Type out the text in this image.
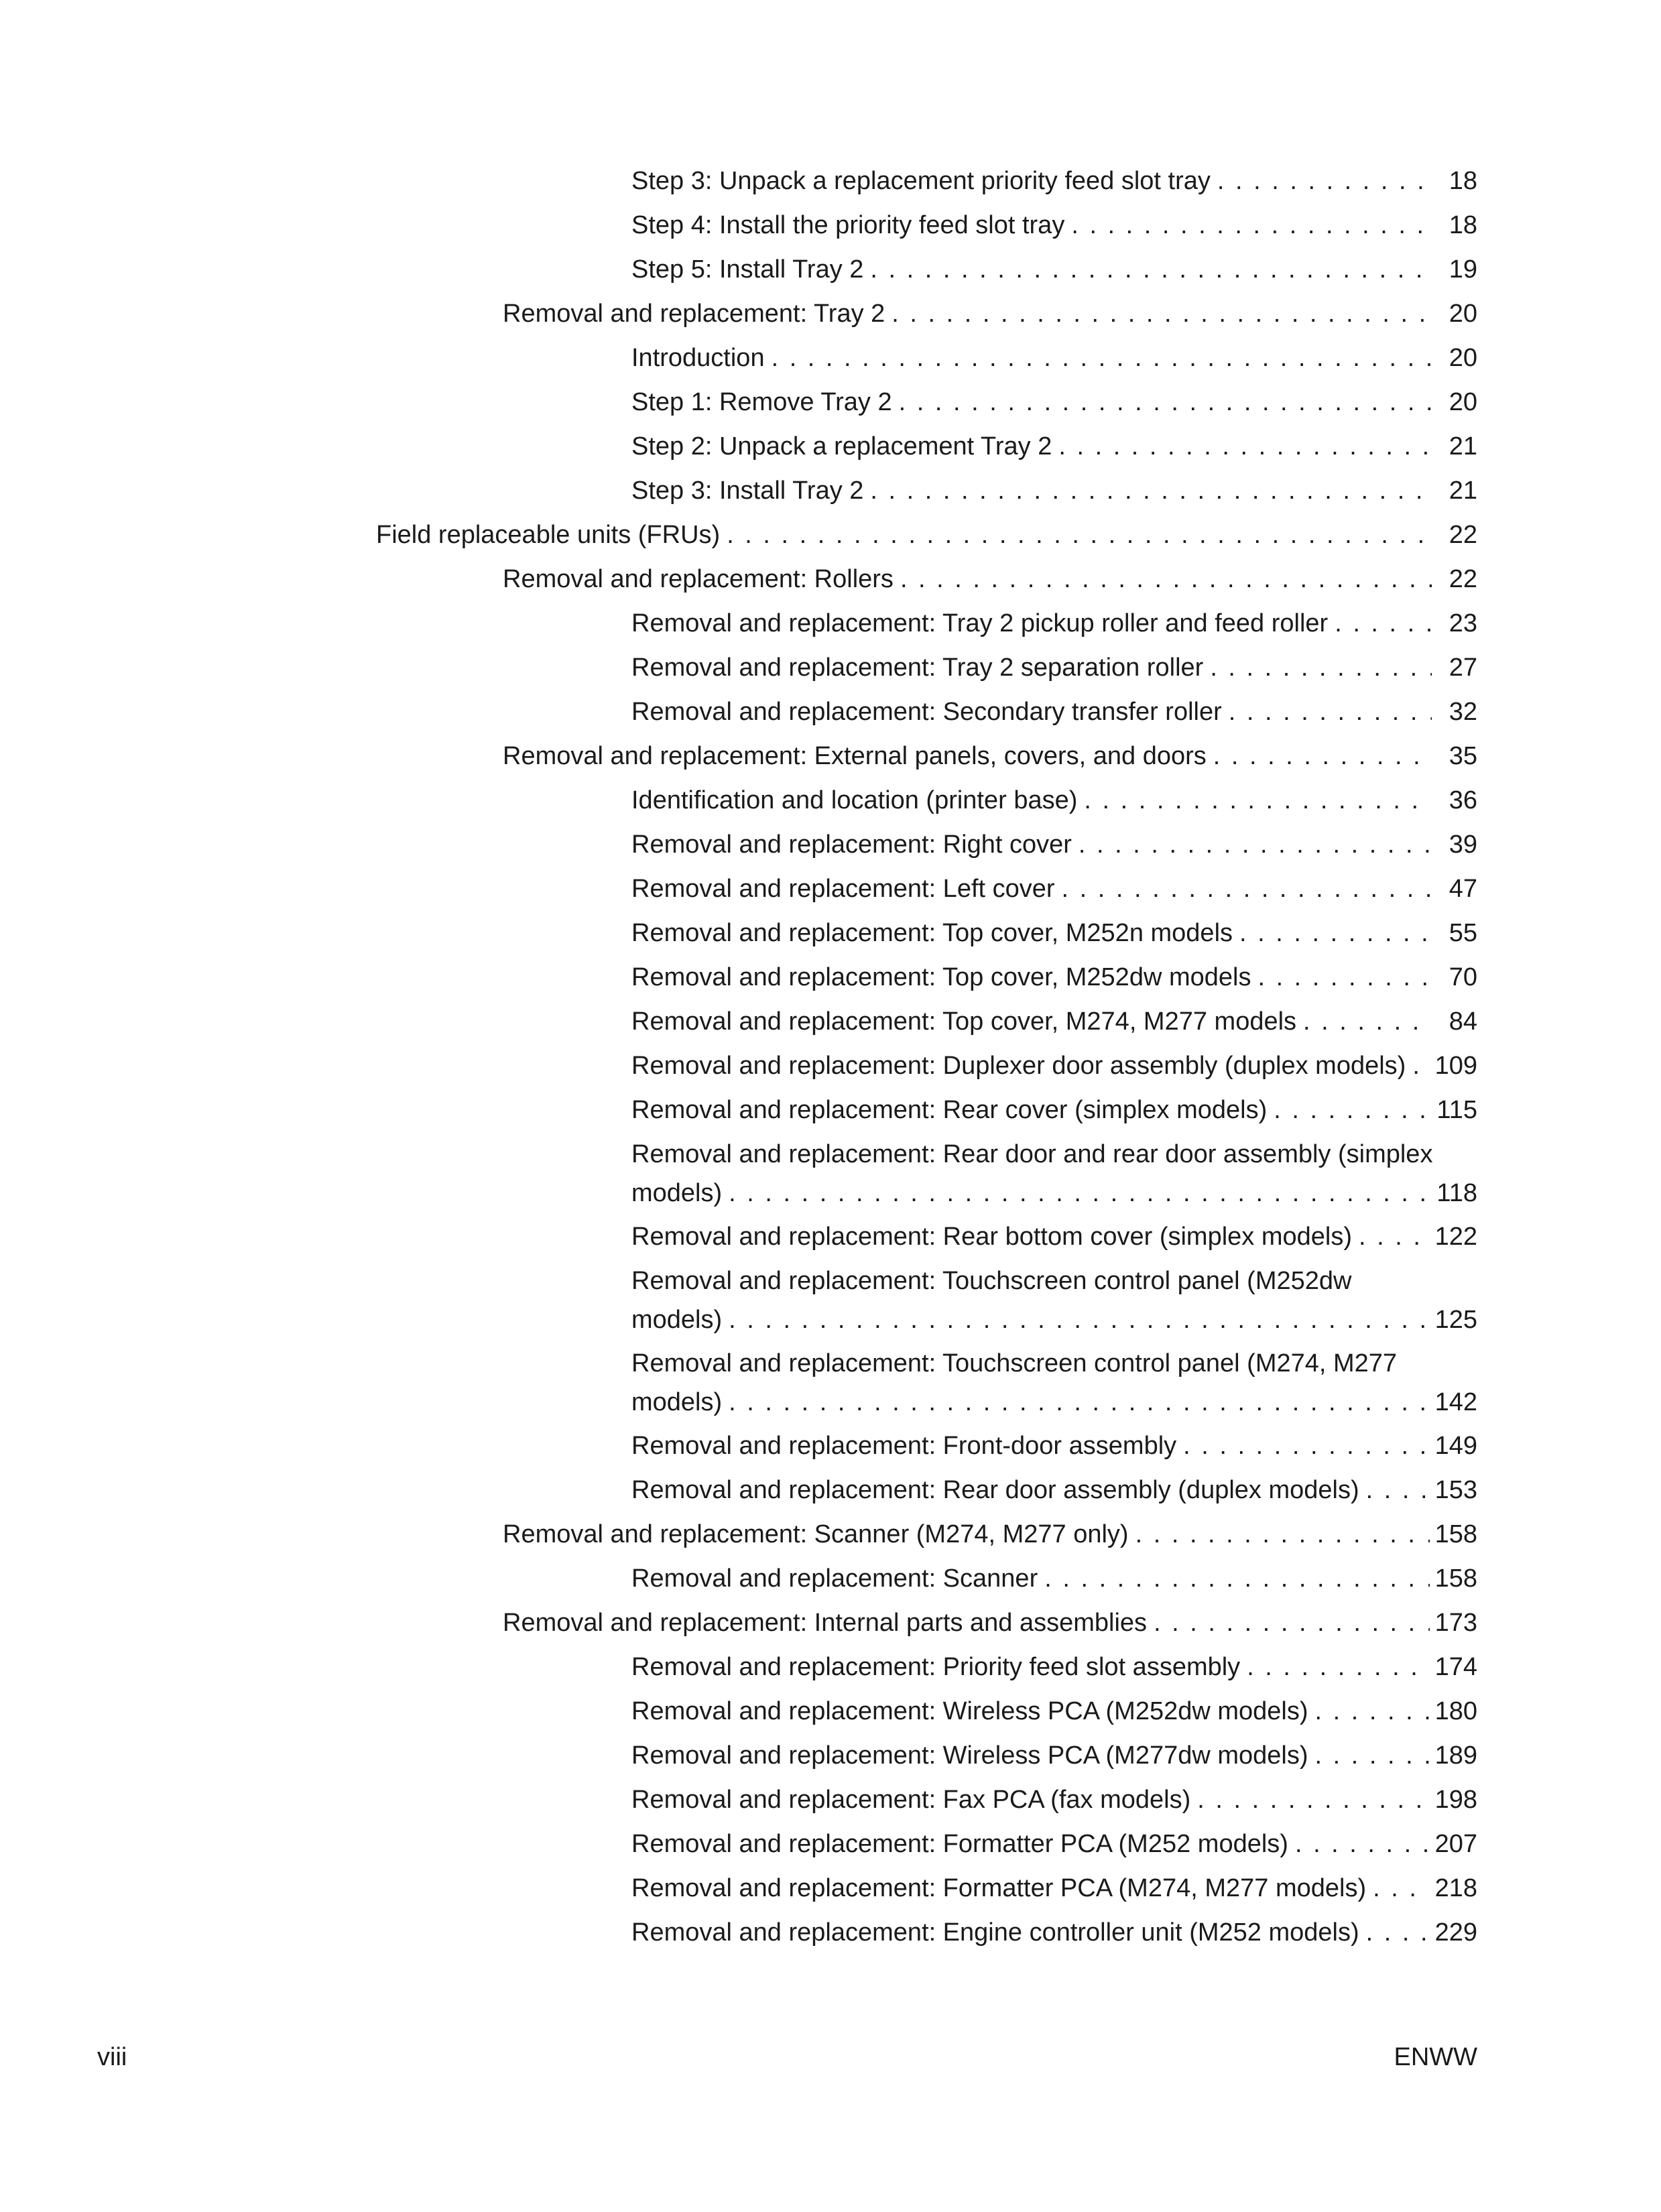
Step 3: Unpack a replacement priority feed slot tray . . .	18
Step 4: Install the priority feed slot tray . . .	18
Step 5: Install Tray 2 . . .	19
Removal and replacement: Tray 2 . . .	20
Introduction . . .	20
Step 1: Remove Tray 2 . . .	20
Step 2: Unpack a replacement Tray 2 . . .	21
Step 3: Install Tray 2 . . .	21
Field replaceable units (FRUs) . . .	22
Removal and replacement: Rollers . . .	22
Removal and replacement: Tray 2 pickup roller and feed roller . . .	23
Removal and replacement: Tray 2 separation roller . . .	27
Removal and replacement: Secondary transfer roller . . .	32
Removal and replacement: External panels, covers, and doors . . .	35
Identification and location (printer base) . . .	36
Removal and replacement: Right cover . . .	39
Removal and replacement: Left cover . . .	47
Removal and replacement: Top cover, M252n models . . .	55
Removal and replacement: Top cover, M252dw models . . .	70
Removal and replacement: Top cover, M274, M277 models . . .	84
Removal and replacement: Duplexer door assembly (duplex models) . . . 109
Removal and replacement: Rear cover (simplex models) . . .	115
Removal and replacement: Rear door and rear door assembly (simplex
models) . . .	118
Removal and replacement: Rear bottom cover (simplex models) . . .	122
Removal and replacement: Touchscreen control panel (M252dw
models) . . .	125
Removal and replacement: Touchscreen control panel (M274, M277
models) . . .	142
Removal and replacement: Front-door assembly . . .	149
Removal and replacement: Rear door assembly (duplex models) . . .	153
Removal and replacement: Scanner (M274, M277 only) . . .	158
Removal and replacement: Scanner . . .	158
Removal and replacement: Internal parts and assemblies . . .	173
Removal and replacement: Priority feed slot assembly . . .	174
Removal and replacement: Wireless PCA (M252dw models) . . .	180
Removal and replacement: Wireless PCA (M277dw models) . . .	189
Removal and replacement: Fax PCA (fax models) . . .	198
Removal and replacement: Formatter PCA (M252 models) . . .	207
Removal and replacement: Formatter PCA (M274, M277 models) . . .	218
Removal and replacement: Engine controller unit (M252 models) . . .	229
viii	ENWW
